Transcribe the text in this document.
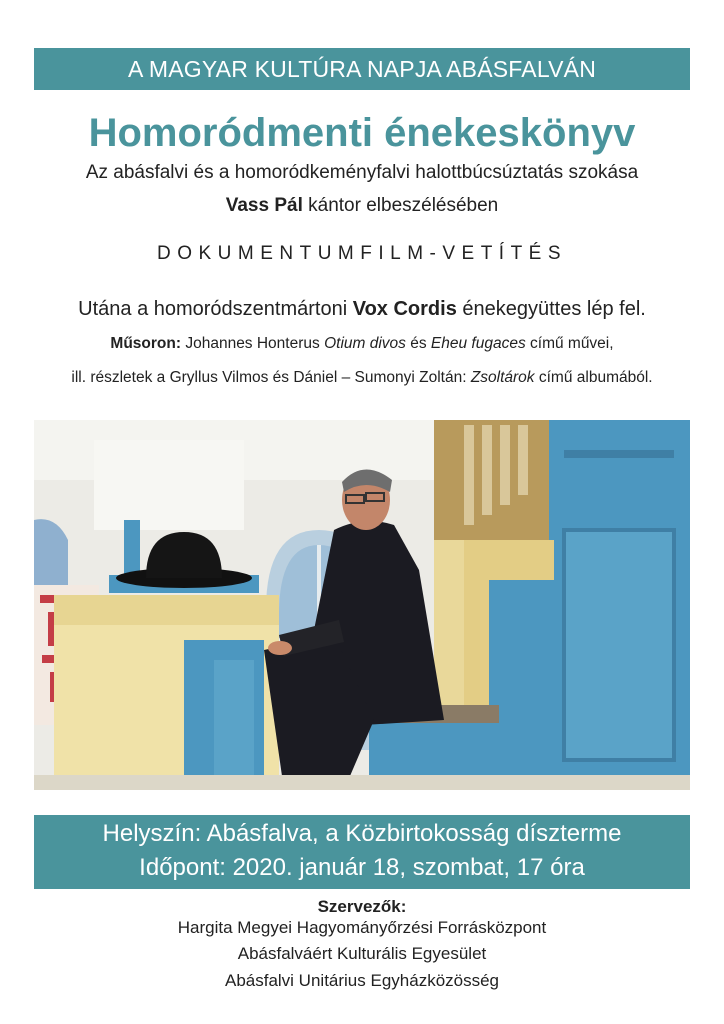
A MAGYAR KULTÚRA NAPJA ABÁSFALVÁN
Homoródmenti énekeskönyv
Az abásfalvi és a homoródkeményfalvi halottbúcsúztatás szokása
Vass Pál kántor elbeszélésében
DOKUMENTUMFILM-VETÍTÉS
Utána a homoródszentmártoni Vox Cordis énekegyüttes lép fel.
Műsoron: Johannes Honterus Otium divos és Eheu fugaces című művei,
ill. részletek a Gryllus Vilmos és Dániel – Sumonyi Zoltán: Zsoltárok című albumából.
Helyszín: Abásfalva, a Közbirtokosság díszterme
Időpont: 2020. január 18, szombat, 17 óra
Szervezők:
Hargita Megyei Hagyományőrzési Forrásközpont
Abásfalváért Kulturális Egyesület
Abásfalvi Unitárius Egyházközösség
